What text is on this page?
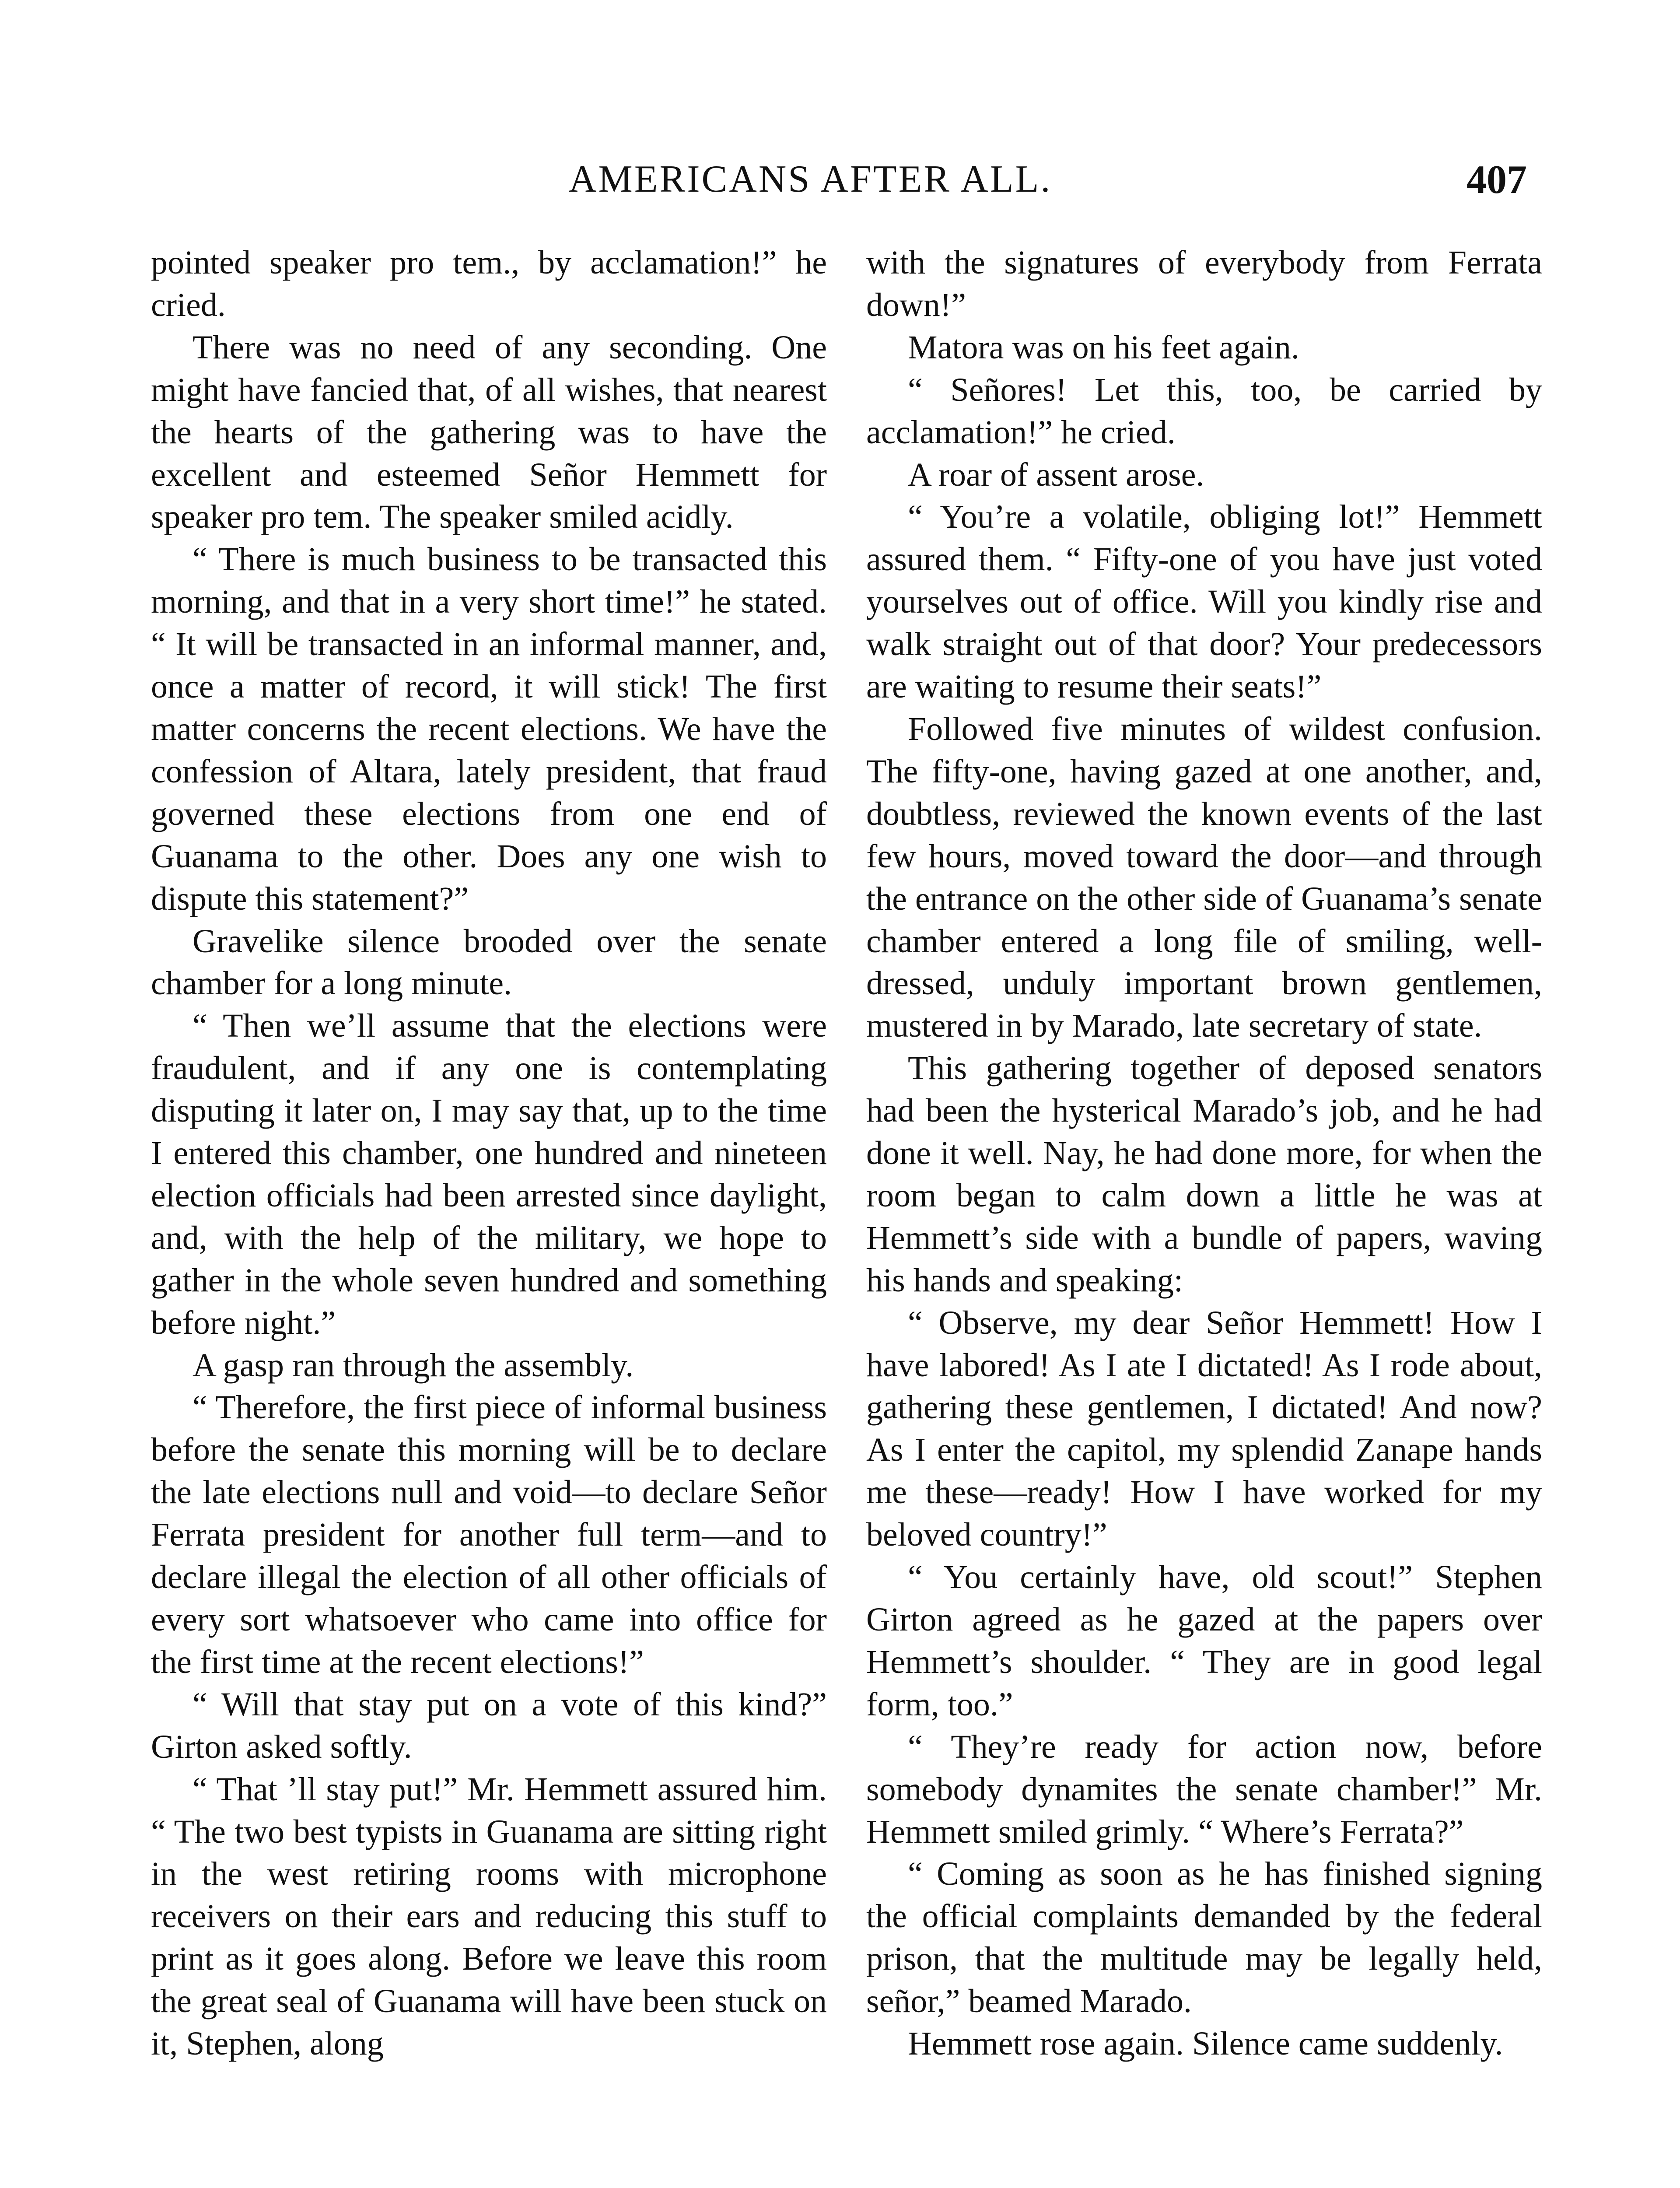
AMERICANS AFTER ALL.	407

pointed speaker pro tem., by acclamation!” he cried.

There was no need of any seconding. One might have fancied that, of all wishes, that nearest the hearts of the gathering was to have the excellent and esteemed Señor Hemmett for speaker pro tem. The speaker smiled acidly.

“ There is much business to be transacted this morning, and that in a very short time!” he stated. “ It will be transacted in an informal manner, and, once a matter of record, it will stick! The first matter concerns the recent elections. We have the confession of Altara, lately president, that fraud governed these elections from one end of Guanama to the other. Does any one wish to dispute this statement?”

Gravelike silence brooded over the senate chamber for a long minute.

“ Then we’ll assume that the elections were fraudulent, and if any one is contemplating disputing it later on, I may say that, up to the time I entered this chamber, one hundred and nineteen election officials had been arrested since daylight, and, with the help of the military, we hope to gather in the whole seven hundred and something before night.”

A gasp ran through the assembly.

“ Therefore, the first piece of informal business before the senate this morning will be to declare the late elections null and void—to declare Señor Ferrata president for another full term—and to declare illegal the election of all other officials of every sort whatsoever who came into office for the first time at the recent elections!”

“ Will that stay put on a vote of this kind?” Girton asked softly.

“ That ’ll stay put!” Mr. Hemmett assured him. “ The two best typists in Guanama are sitting right in the west retiring rooms with microphone receivers on their ears and reducing this stuff to print as it goes along. Before we leave this room the great seal of Guanama will have been stuck on it, Stephen, along

with the signatures of everybody from Ferrata down!”

Matora was on his feet again.

“ Señores! Let this, too, be carried by acclamation!” he cried.

A roar of assent arose.

“ You’re a volatile, obliging lot!” Hemmett assured them. “ Fifty-one of you have just voted yourselves out of office. Will you kindly rise and walk straight out of that door? Your predecessors are waiting to resume their seats!”

Followed five minutes of wildest confusion. The fifty-one, having gazed at one another, and, doubtless, reviewed the known events of the last few hours, moved toward the door—and through the entrance on the other side of Guanama’s senate chamber entered a long file of smiling, well-dressed, unduly important brown gentlemen, mustered in by Marado, late secretary of state.

This gathering together of deposed senators had been the hysterical Marado’s job, and he had done it well. Nay, he had done more, for when the room began to calm down a little he was at Hemmett’s side with a bundle of papers, waving his hands and speaking:

“ Observe, my dear Señor Hemmett! How I have labored! As I ate I dictated! As I rode about, gathering these gentlemen, I dictated! And now? As I enter the capitol, my splendid Zanape hands me these—ready! How I have worked for my beloved country!”

“ You certainly have, old scout!” Stephen Girton agreed as he gazed at the papers over Hemmett’s shoulder. “ They are in good legal form, too.”

“ They’re ready for action now, before somebody dynamites the senate chamber!” Mr. Hemmett smiled grimly. “ Where’s Ferrata?”

“ Coming as soon as he has finished signing the official complaints demanded by the federal prison, that the multitude may be legally held, señor,” beamed Marado.

Hemmett rose again. Silence came suddenly.
